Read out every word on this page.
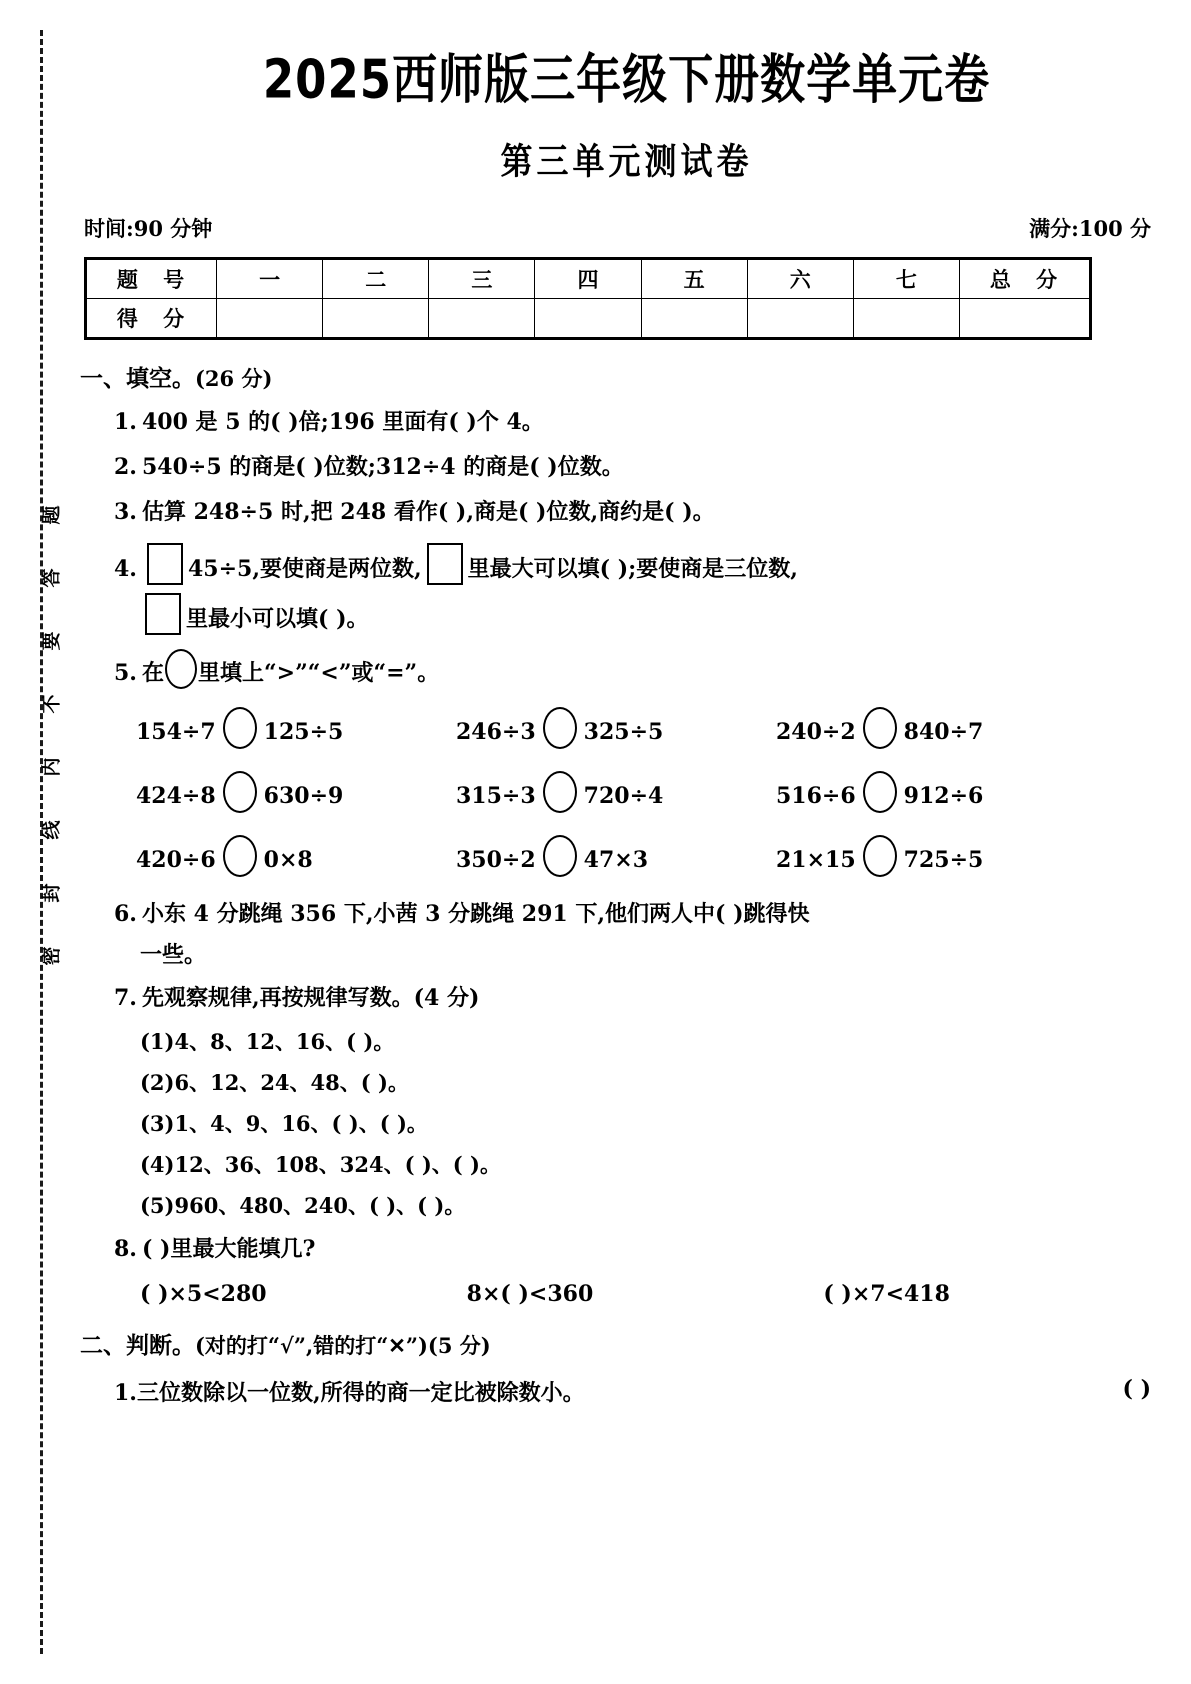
密封线内不要答题
2025西师版三年级下册数学单元卷
第三单元测试卷
时间:90 分钟	满分:100 分
题 号	一	二	三	四	五	六	七	总 分
得 分								
一、填空。(26 分)
1. 400 是 5 的( )倍;196 里面有( )个 4。
2. 540÷5 的商是( )位数;312÷4 的商是( )位数。
3. 估算 248÷5 时,把 248 看作( ),商是( )位数,商约是( )。
4. 45÷5,要使商是两位数, 里最大可以填( );要使商是三位数,
里最小可以填( )。
5. 在 里填上“>”“<”或“=”。
154÷7 125÷5	246÷3 325÷5	240÷2 840÷7
424÷8 630÷9	315÷3 720÷4	516÷6 912÷6
420÷6 0×8	350÷2 47×3	21×15 725÷5
6. 小东 4 分跳绳 356 下,小茜 3 分跳绳 291 下,他们两人中( )跳得快
一些。
7. 先观察规律,再按规律写数。(4 分)
(1)4、8、12、16、( )。
(2)6、12、24、48、( )。
(3)1、4、9、16、( )、( )。
(4)12、36、108、324、( )、( )。
(5)960、480、240、( )、( )。
8. ( )里最大能填几?
( )×5<280	8×( )<360	( )×7<418
二、判断。(对的打“√”,错的打“✕”)(5 分)
1.三位数除以一位数,所得的商一定比被除数小。	( )
